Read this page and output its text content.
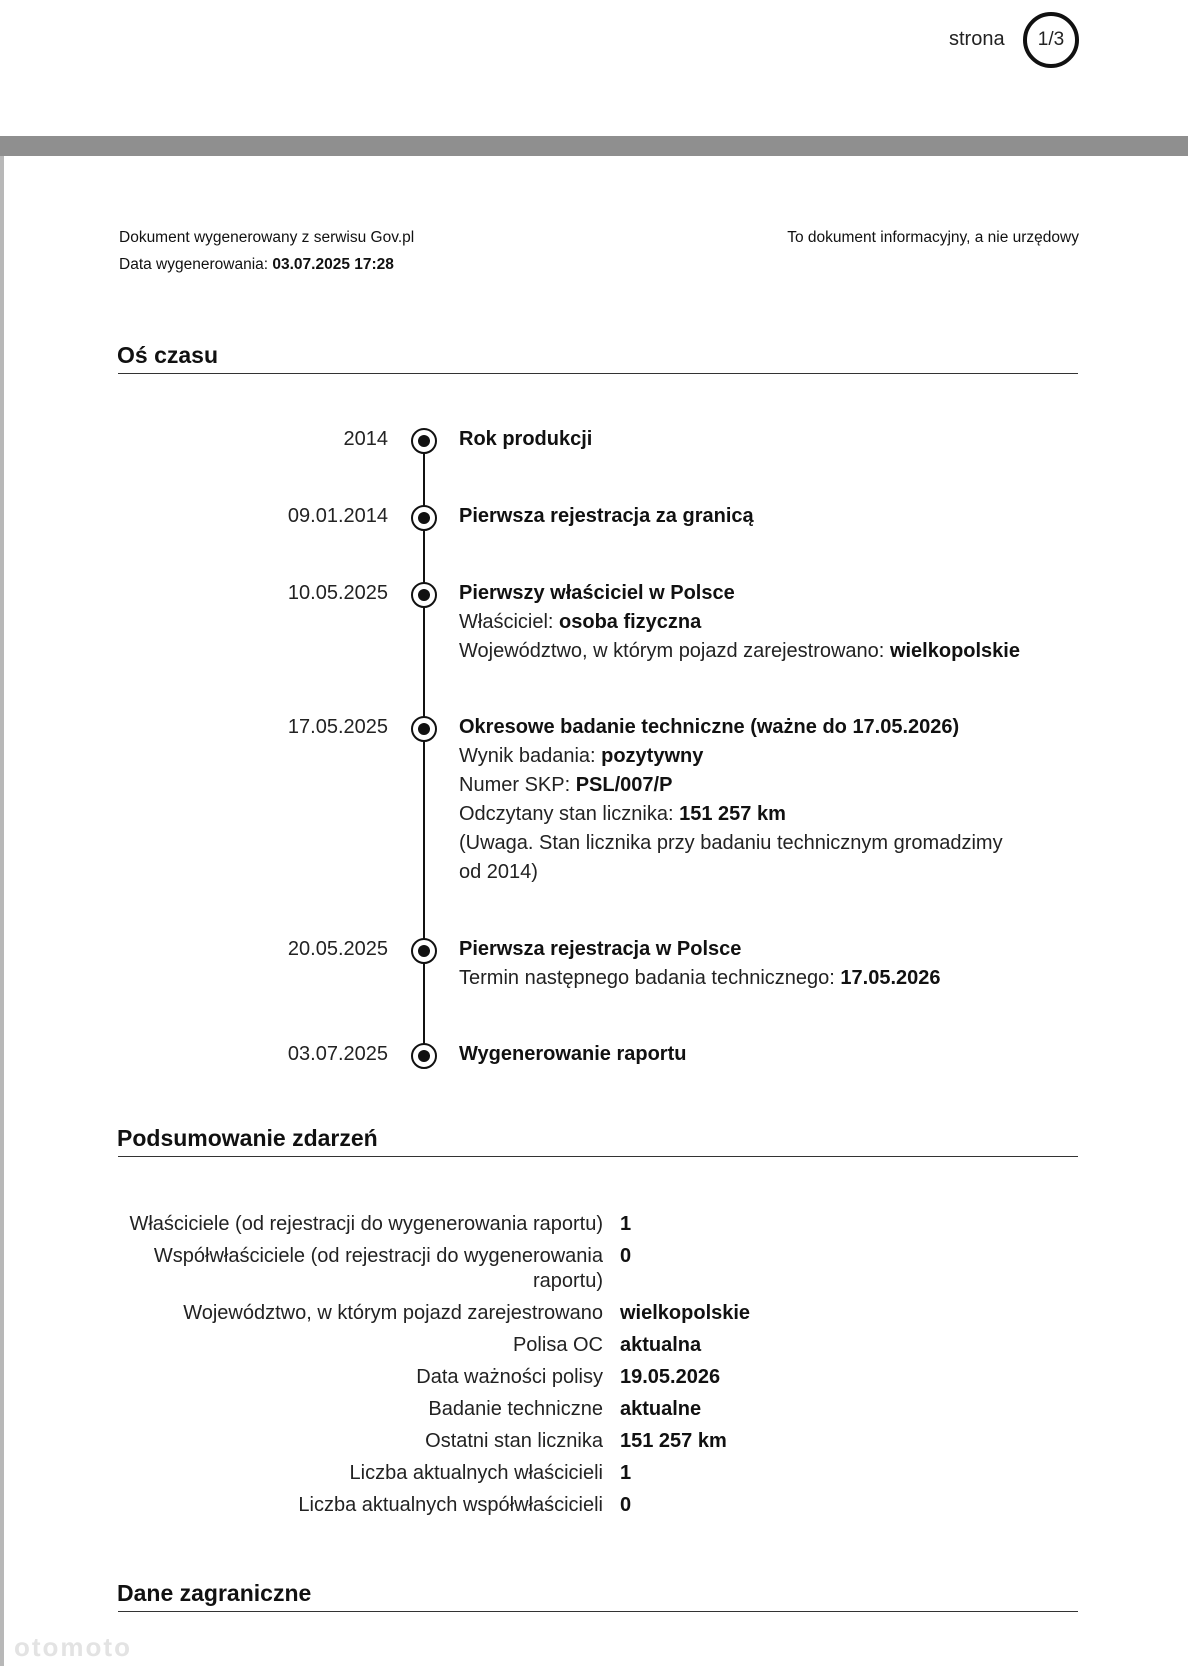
strona 1/3
Dokument wygenerowany z serwisu Gov.pl
Data wygenerowania: 03.07.2025 17:28
To dokument informacyjny, a nie urzędowy
Oś czasu
2014	Rok produkcji
09.01.2014	Pierwsza rejestracja za granicą
10.05.2025	Pierwszy właściciel w Polsce
Właściciel: osoba fizyczna
Województwo, w którym pojazd zarejestrowano: wielkopolskie
17.05.2025	Okresowe badanie techniczne (ważne do 17.05.2026)
Wynik badania: pozytywny
Numer SKP: PSL/007/P
Odczytany stan licznika: 151 257 km
(Uwaga. Stan licznika przy badaniu technicznym gromadzimy od 2014)
20.05.2025	Pierwsza rejestracja w Polsce
Termin następnego badania technicznego: 17.05.2026
03.07.2025	Wygenerowanie raportu
Podsumowanie zdarzeń
Właściciele (od rejestracji do wygenerowania raportu) 1
Współwłaściciele (od rejestracji do wygenerowania raportu)
0
Województwo, w którym pojazd zarejestrowano wielkopolskie
Polisa OC aktualna
Data ważności polisy 19.05.2026
Badanie techniczne aktualne
Ostatni stan licznika 151 257 km
Liczba aktualnych właścicieli 1
Liczba aktualnych współwłaścicieli 0
Dane zagraniczne
otomoto
